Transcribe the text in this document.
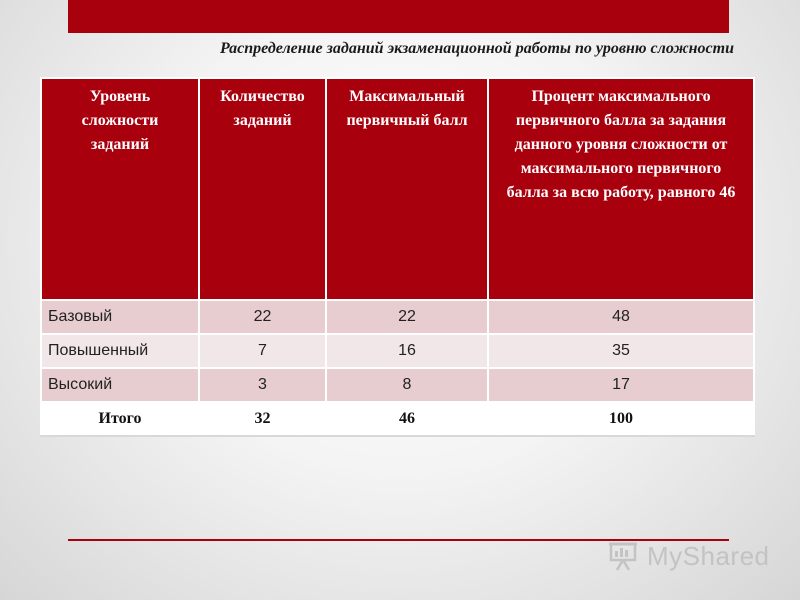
Распределение заданий экзаменационной работы по уровню сложности
Уровень сложности заданий	Количество заданий	Максимальный первичный балл	Процент максимального первичного балла за задания данного уровня сложности от максимального первичного балла за всю работу, равного 46
Базовый	22	22	48
Повышенный	7	16	35
Высокий	3	8	17
Итого	32	46	100
MyShared
